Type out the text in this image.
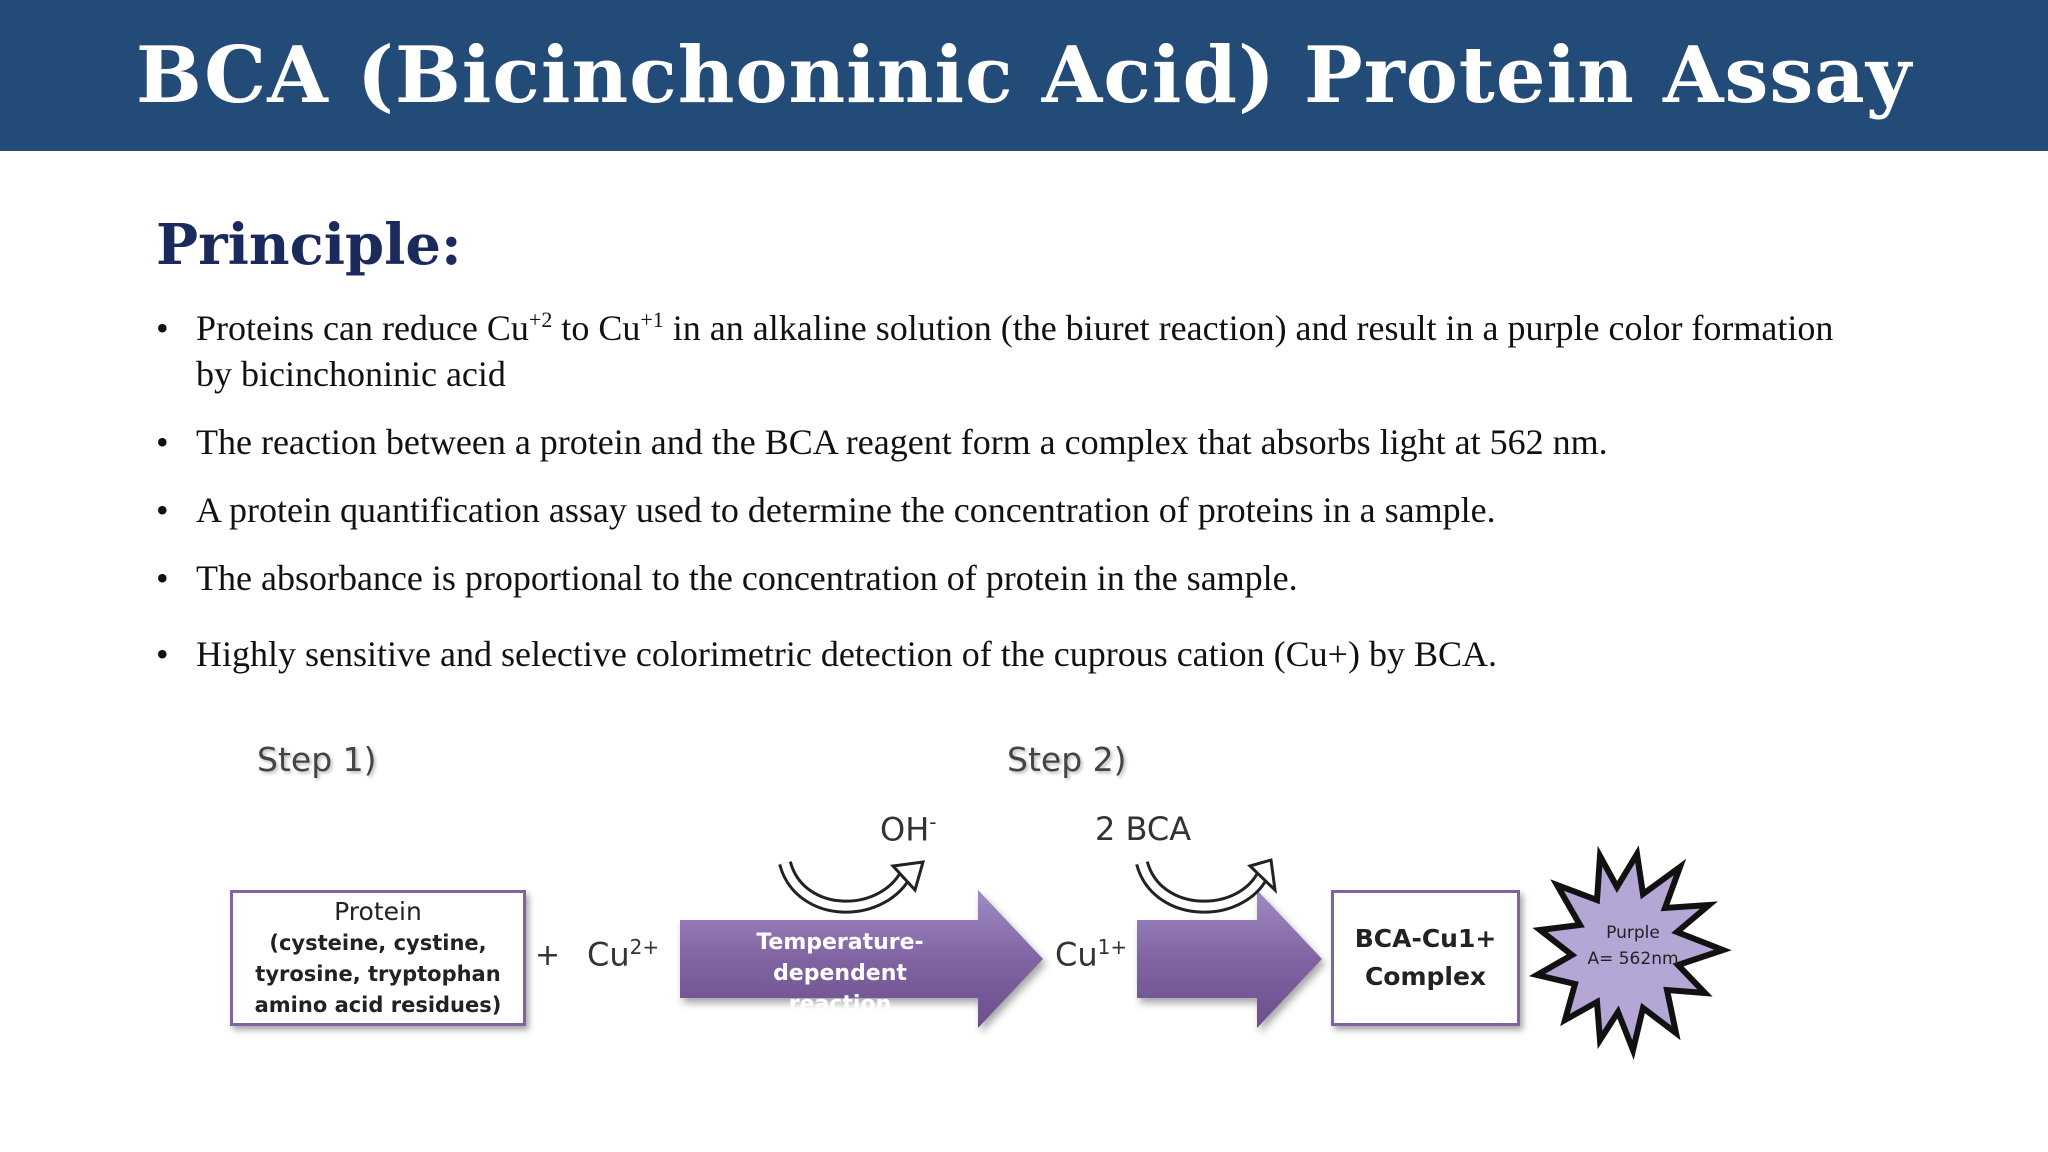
BCA (Bicinchoninic Acid) Protein Assay
Principle:
• Proteins can reduce $Cu^{+2}$ to $Cu^{+1}$ in an alkaline solution (the biuret reaction) and result in a purple color formation by bicinchoninic acid
• The reaction between a protein and the BCA reagent form a complex that absorbs light at 562 nm.
• A protein quantification assay used to determine the concentration of proteins in a sample.
• The absorbance is proportional to the concentration of protein in the sample.
• Highly sensitive and selective colorimetric detection of the cuprous cation (Cu+) by BCA.
Step 1)	Step 2)
OH-	2 BCA
Protein
(cysteine, cystine,
tyrosine, tryptophan
amino acid residues)
+ $Cu^{2+}$	Temperature-dependent
reaction
$Cu^{1+}$	BCA-Cu1+
Complex
Purple
A= 562nm
